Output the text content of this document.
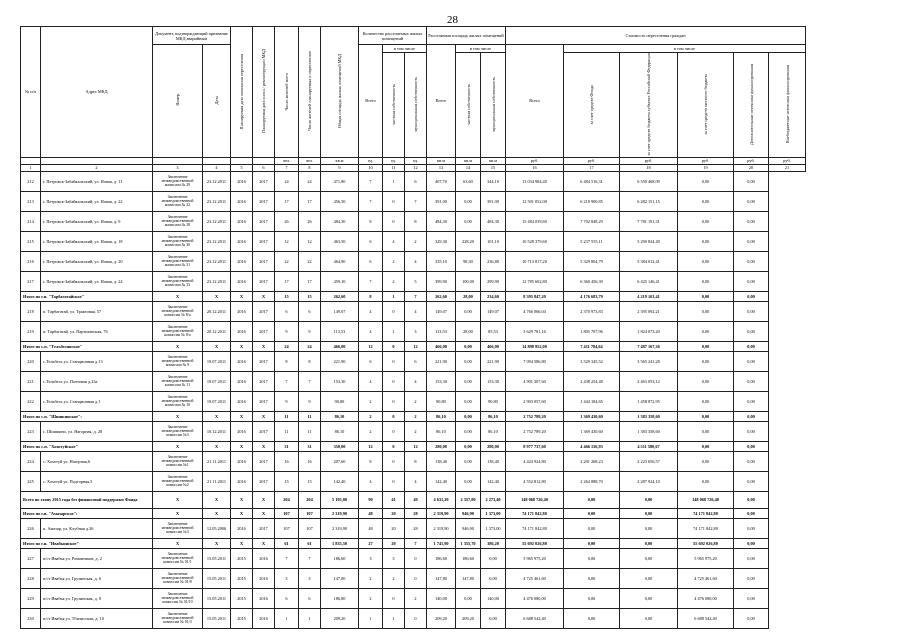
28
№ п/п	Адрес МКД	Документ, подтверждающий признание МКД аварийным		Планируемая дата окончания переселения	Планируемая дата сноса / реконструкции МКД	Число жителей всего	Число жителей планируемых к переселению	Общая площадь жилых помещений МКД	Количество расселяемых жилых помещений			Расселяемая площадь жилых помещений			Стоимость переселения граждан					
		Номер	Дата						Всего	в том числе		Всего	в том числе		Всего	в том числе				
										частная собственность	муниципальная собственность		частная собственность	муниципальная собственность		за счет средств Фонда	за счет средств бюджета субъекта Российской Федерации	за счет средств местного бюджета	Дополнительные источники финансирования	Внебюджетные источники финансирования
						чел.	чел.	кв.м	ед.	ед.	ед.	кв.м	кв.м	кв.м	руб.	руб.	руб.	руб.	руб.	руб.
1	2	3	4	5	6	7	8	9	10	11	12	13	14	15	16	17	18	19	20	21
212	г. Петровск-Забайкальский, ул. Новая, д. 11	Заключение межведомственной комиссии № 29	23.12.2011	2016	2017	24	24	471,80	7	1	6	407,70	63,60	344,10	13 034 984,40	6 484 516,31	6 550 468,09	0,00	0,00	
213	г. Петровск-Забайкальский, ул. Новая, д. 22	Заключение межведомственной комиссии № 32	23.12.2011	2016	2017	17	17	456,50	7	0	7	391,00	0,00	391,00	12 501 052,00	6 218 900,85	6 282 151,15	0,00	0,00	
214	г. Петровск-Забайкальский, ул. Новая, д. 9	Заключение межведомственной комиссии № 28	23.12.2011	2016	2017	26	26	484,30	8	0	8	484,30	0,00	484,30	15 484 039,60	7 702 848,29	7 781 191,31	0,00	0,00	
215	г. Петровск-Забайкальский, ул. Новая, д. 18	Заключение межведомственной комиссии № 30	23.12.2011	2016	2017	12	12	463,50	6	4	2	329,30	228,20	101,10	10 528 379,60	5 237 555,11	5 290 824,49	0,00	0,00	
216	г. Петровск-Забайкальский, ул. Новая, д. 20	Заключение межведомственной комиссии № 31	23.12.2011	2016	2017	22	22	464,90	6	2	4	335,10	98,30	236,80	10 713 817,20	5 329 804,79	5 384 012,41	0,00	0,00	
217	г. Петровск-Забайкальский, ул. Новая, д. 24	Заключение межведомственной комиссии № 33	23.12.2011	2016	2017	17	17	459,10	7	2	5	399,90	100,00	299,90	12 785 602,80	6 360 456,39	6 425 146,41	0,00	0,00	
Итого по г.п. "Тарбагатайское"		X	X	X	X	15	15	262,60	8	1	7	262,60	28,00	234,60	8 395 847,20	4 176 683,79	4 219 163,41	0,00	0,00	
218	п. Тарбагатай, ул. Трактовая, 57	Заключение межведомственной комиссии № 8/а	20.12.2011	2016	2017	6	6	149,07	4	0	4	149,07	0,00	149,07	4 766 066,04	2 370 973,83	2 395 092,21	0,00	0,00	
219	п. Тарбагатай, ул. Партизанская, 76	Заключение межведомственной комиссии № 8/а	20.12.2011	2016	2017	9	9	113,53	4	1	3	113,53	28,00	85,53	3 629 781,16	1 805 707,96	1 824 073,20	0,00	0,00	
Итого по с.п. "Тельбесинское"		X	X	X	X	24	24	466,00	12	0	12	466,00	0,00	466,00	14 898 952,00	7 411 784,64	7 487 167,36	0,00	0,00	
220	с.Тельбесь ул. Станционная д.13	Заключение межведомственной комиссии № 9	19.07.2011	2016	2017	8	8	221,90	6	0	6	221,90	0,00	221,90	7 094 586,80	3 529 345,52	3 565 241,28	0,00	0,00	
221	с.Тельбесь ул. Почтовая д.23а	Заключение межведомственной комиссии № 11	19.07.2011	2016	2017	7	7	153,30	4	0	4	153,30	0,00	153,30	4 901 307,60	2 438 254,48	2 463 053,12	0,00	0,00	
222	с.Тельбесь ул. Станционная д.1	Заключение межведомственной комиссии № 10	19.07.2011	2016	2017	9	9	90,80	2	0	2	90,80	0,00	90,80	2 903 057,60	1 444 184,65	1 458 872,95	0,00	0,00	
Итого по с.п. "Шишкинское":		X	X	X	X	11	11	86,10	2	0	2	86,10	0,00	86,10	2 752 789,20	1 369 430,60	1 383 358,60	0,00	0,00	
223	с. Шишкино, ул. Нагорная, д. 28	Заключение межведомственной комиссии №3	10.12.2011	2016	2017	11	11	86,10	2	0	2	86,10	0,00	86,10	2 752 789,20	1 369 430,60	1 383 358,60	0,00	0,00	
Итого по с.п. "Хохотуйское"		X	X	X	X	31	31	350,00	12	0	12	280,00	0,00	280,00	8 977 737,60	4 466 156,93	4 511 580,67	0,00	0,00	
224	с. Хохотуй ул. Нагорная,6	Заключение межведомственной комиссии №1	21.11.2011	2016	2017	16	16	207,60	8	0	8	138,40	0,00	138,40	4 424 924,80	2 201 268,23	2 223 656,57	0,00	0,00	
225	с. Хохотуй ул. Подгорная,5	Заключение межведомственной комиссии №2	21.11.2011	2016	2017	15	15	142,40	4	0	4	142,40	0,00	142,40	4 552 812,80	2 264 888,70	2 287 924,10	0,00	0,00	
Всего по этапу 2015 года без финансовой поддержки Фонда		X	X	X	X	204	204	5 195,80	90	41	49	4 631,20	2 357,80	2 273,40	148 068 726,40	0,00	0,00	148 068 726,40	0,00	
Итого по г.п. "Амазарское":		X	X	X	X	107	107	2 319,90	48	20	28	2 319,90	946,90	1 373,00	74 171 842,80	0,00	0,00	74 171 842,80	0,00	
226	п. Амазар, ул. Клубная д.36	Заключение межведомственной комиссии №3	12.05.2006	2016	2017	107	107	2 319,90	48	20	28	2 319,90	946,90	1 373,00	74 171 842,80	0,00	0,00	74 171 842,80	0,00	
Итого по г.п. "Ивабьинское"		X	X	X	X	61	61	1 835,50	27	20	7	1 741,90	1 355,70	386,20	55 692 026,80	0,00	0,00	55 692 026,80	0,00	
227	п/ст Ивабья ул. Романтиков, д. 2	Заключение межведомственной комиссии № 01/1	15.05.2011	2015	2016	7	7	186,60	3	3	0	186,60	186,60	0,00	5 965 975,20	0,00	0,00	5 965 975,20	0,00	
228	п/ст Ивабья ул. Грузинская, д. 6	Заключение межведомственной комиссии № 01/8	15.05.2011	2015	2016	3	3	147,80	2	2	0	147,80	147,80	0,00	4 725 461,60	0,00	0,00	4 725 461,60	0,00	
229	п/ст Ивабья ул. Грузинская, д. 8	Заключение межведомственной комиссии № 01/10	15.05.2011	2015	2016	6	6	186,80	2	0	2	140,00	0,00	140,00	4 476 080,00	0,00	0,00	4 476 080,00	0,00	
230	п/ст Ивабья ул. Тбилисская, д. 10	Заключение межведомственной комиссии № 01/3	15.05.2011	2015	2016	1	1	209,20	1	1	0	209,20	209,20	0,00	6 688 542,40	0,00	0,00	6 688 542,40	0,00	
